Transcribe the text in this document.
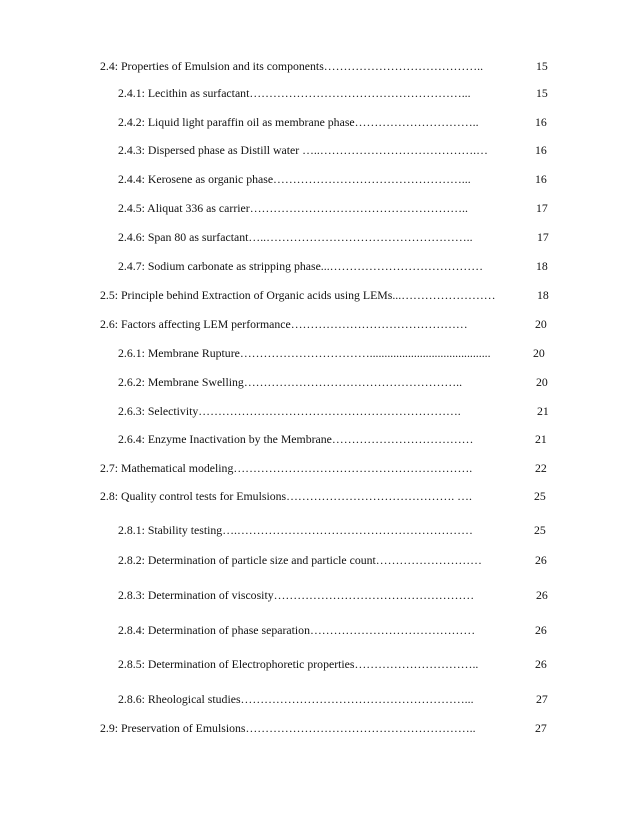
2.4: Properties of Emulsion and its components…………………………………..	15
2.4.1: Lecithin as surfactant………………………………………………...	15
2.4.2: Liquid light paraffin oil as membrane phase…………………………..	16
2.4.3: Dispersed phase as Distill water …..………………………………….…	16
2.4.4: Kerosene as organic phase…………………………………………...	16
2.4.5: Aliquat 336 as carrier………………………………………………..	17
2.4.6: Span 80 as surfactant…..……………………………………………..	17
2.4.7: Sodium carbonate as stripping phase...…………………………………	18
2.5: Principle behind Extraction of Organic acids using LEMs...……………………	18
2.6: Factors affecting LEM performance………………………………………	20
2.6.1: Membrane Rupture…………………………….........................................	20
2.6.2: Membrane Swelling………………………………………………..	20
2.6.3: Selectivity………………………………………………………….	21
2.6.4: Enzyme Inactivation by the Membrane………………………………	21
2.7: Mathematical modeling…………………………………………………….	22
2.8: Quality control tests for Emulsions……………………………………. ….	25
2.8.1: Stability testing….……………………………………………………	25
2.8.2: Determination of particle size and particle count………………………	26
2.8.3: Determination of viscosity……………………………………………	26
2.8.4: Determination of phase separation……………………………………	26
2.8.5: Determination of Electrophoretic properties…………………………..	26
2.8.6: Rheological studies…………………………………………………...	27
2.9: Preservation of Emulsions…………………………………………………..	27
